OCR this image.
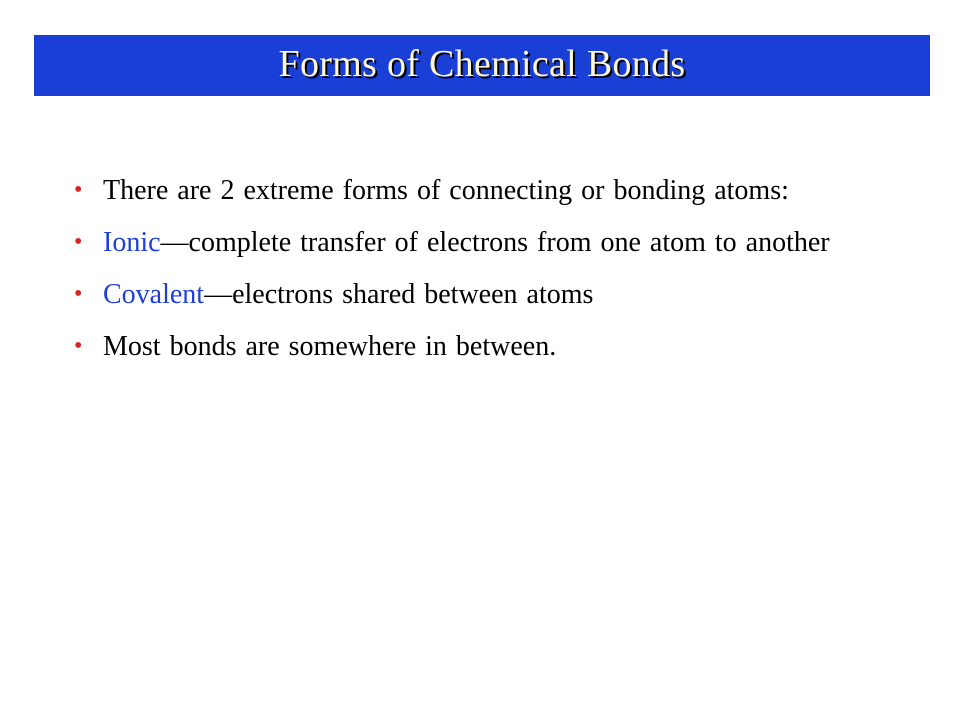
Forms of Chemical Bonds
• There are 2 extreme forms of connecting or bonding atoms:
• Ionic—complete transfer of electrons from one atom to another
• Covalent—electrons shared between atoms
• Most bonds are somewhere in between.
